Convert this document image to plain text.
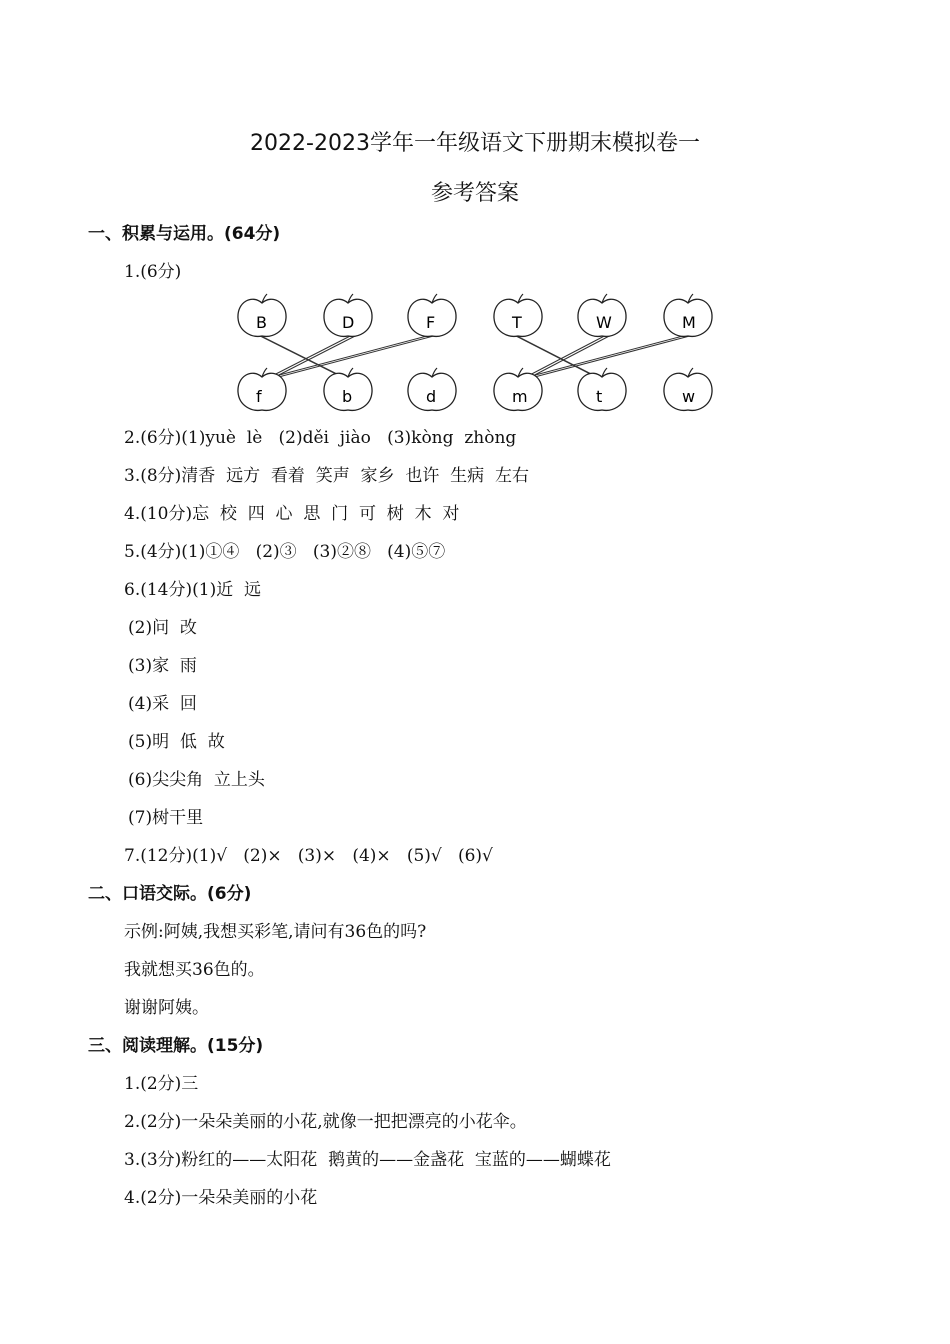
2022-2023学年一年级语文下册期末模拟卷一
参考答案
一、积累与运用。(64分)
1.(6分)
B	D	F	T	W	M
f	b	d	m	t	w
2.(6分)(1)yuè  lè   (2)děi  jiào   (3)kòng  zhòng
3.(8分)清香  远方  看着  笑声  家乡  也许  生病  左右
4.(10分)忘  校  四  心  思  门  可  树  木  对
5.(4分)(1)①④   (2)③   (3)②⑧   (4)⑤⑦
6.(14分)(1)近  远
(2)问  改
(3)家  雨
(4)采  回
(5)明  低  故
(6)尖尖角  立上头
(7)树干里
7.(12分)(1)√   (2)×   (3)×   (4)×   (5)√   (6)√
二、口语交际。(6分)
示例:阿姨,我想买彩笔,请问有36色的吗?
我就想买36色的。
谢谢阿姨。
三、阅读理解。(15分)
1.(2分)三
2.(2分)一朵朵美丽的小花,就像一把把漂亮的小花伞。
3.(3分)粉红的——太阳花  鹅黄的——金盏花  宝蓝的——蝴蝶花
4.(2分)一朵朵美丽的小花
